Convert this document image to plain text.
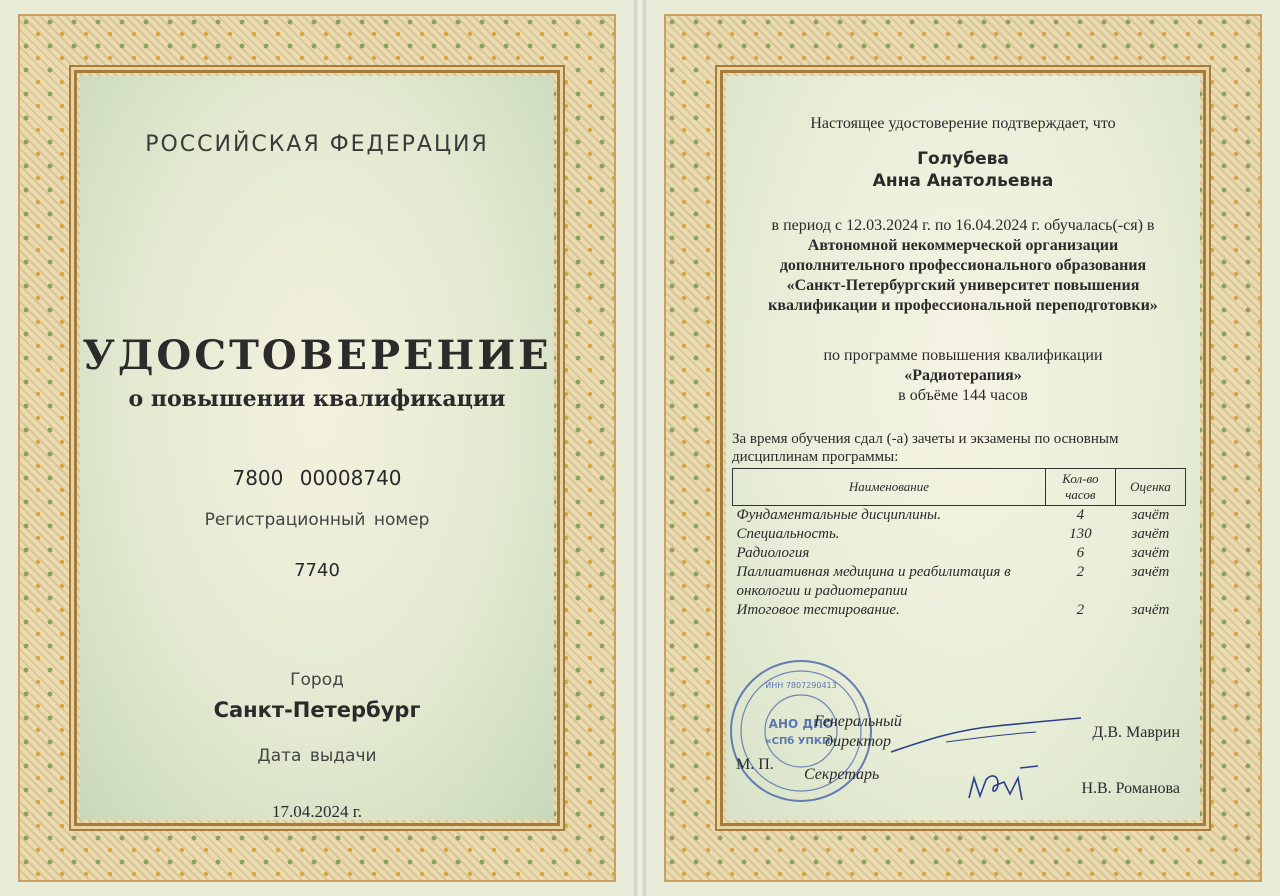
РОССИЙСКАЯ ФЕДЕРАЦИЯ
УДОСТОВЕРЕНИЕ
о повышении квалификации
7800 00008740
Регистрационный номер
7740
Город
Санкт-Петербург
Дата выдачи
17.04.2024 г.
Настоящее удостоверение подтверждает, что
Голубева
Анна Анатольевна
в период с 12.03.2024 г. по 16.04.2024 г. обучалась(-ся) в
Автономной некоммерческой организации
дополнительного профессионального образования
«Санкт-Петербургский университет повышения
квалификации и профессиональной переподготовки»
по программе повышения квалификации
«Радиотерапия»
в объёме 144 часов
За время обучения сдал (-а) зачеты и экзамены по основным
дисциплинам программы:
Наименование	Кол-во часов	Оценка
Фундаментальные дисциплины.	4	зачёт
Специальность.	130	зачёт
Радиология	6	зачёт
Паллиативная медицина и реабилитация в онкологии и радиотерапии	2	зачёт
Итоговое тестирование.	2	зачёт
АНО ДПО
«СПб УПКП»
ИНН 7807290413
Генеральный директор
М. П.
Секретарь
Д.В. Маврин
Н.В. Романова
